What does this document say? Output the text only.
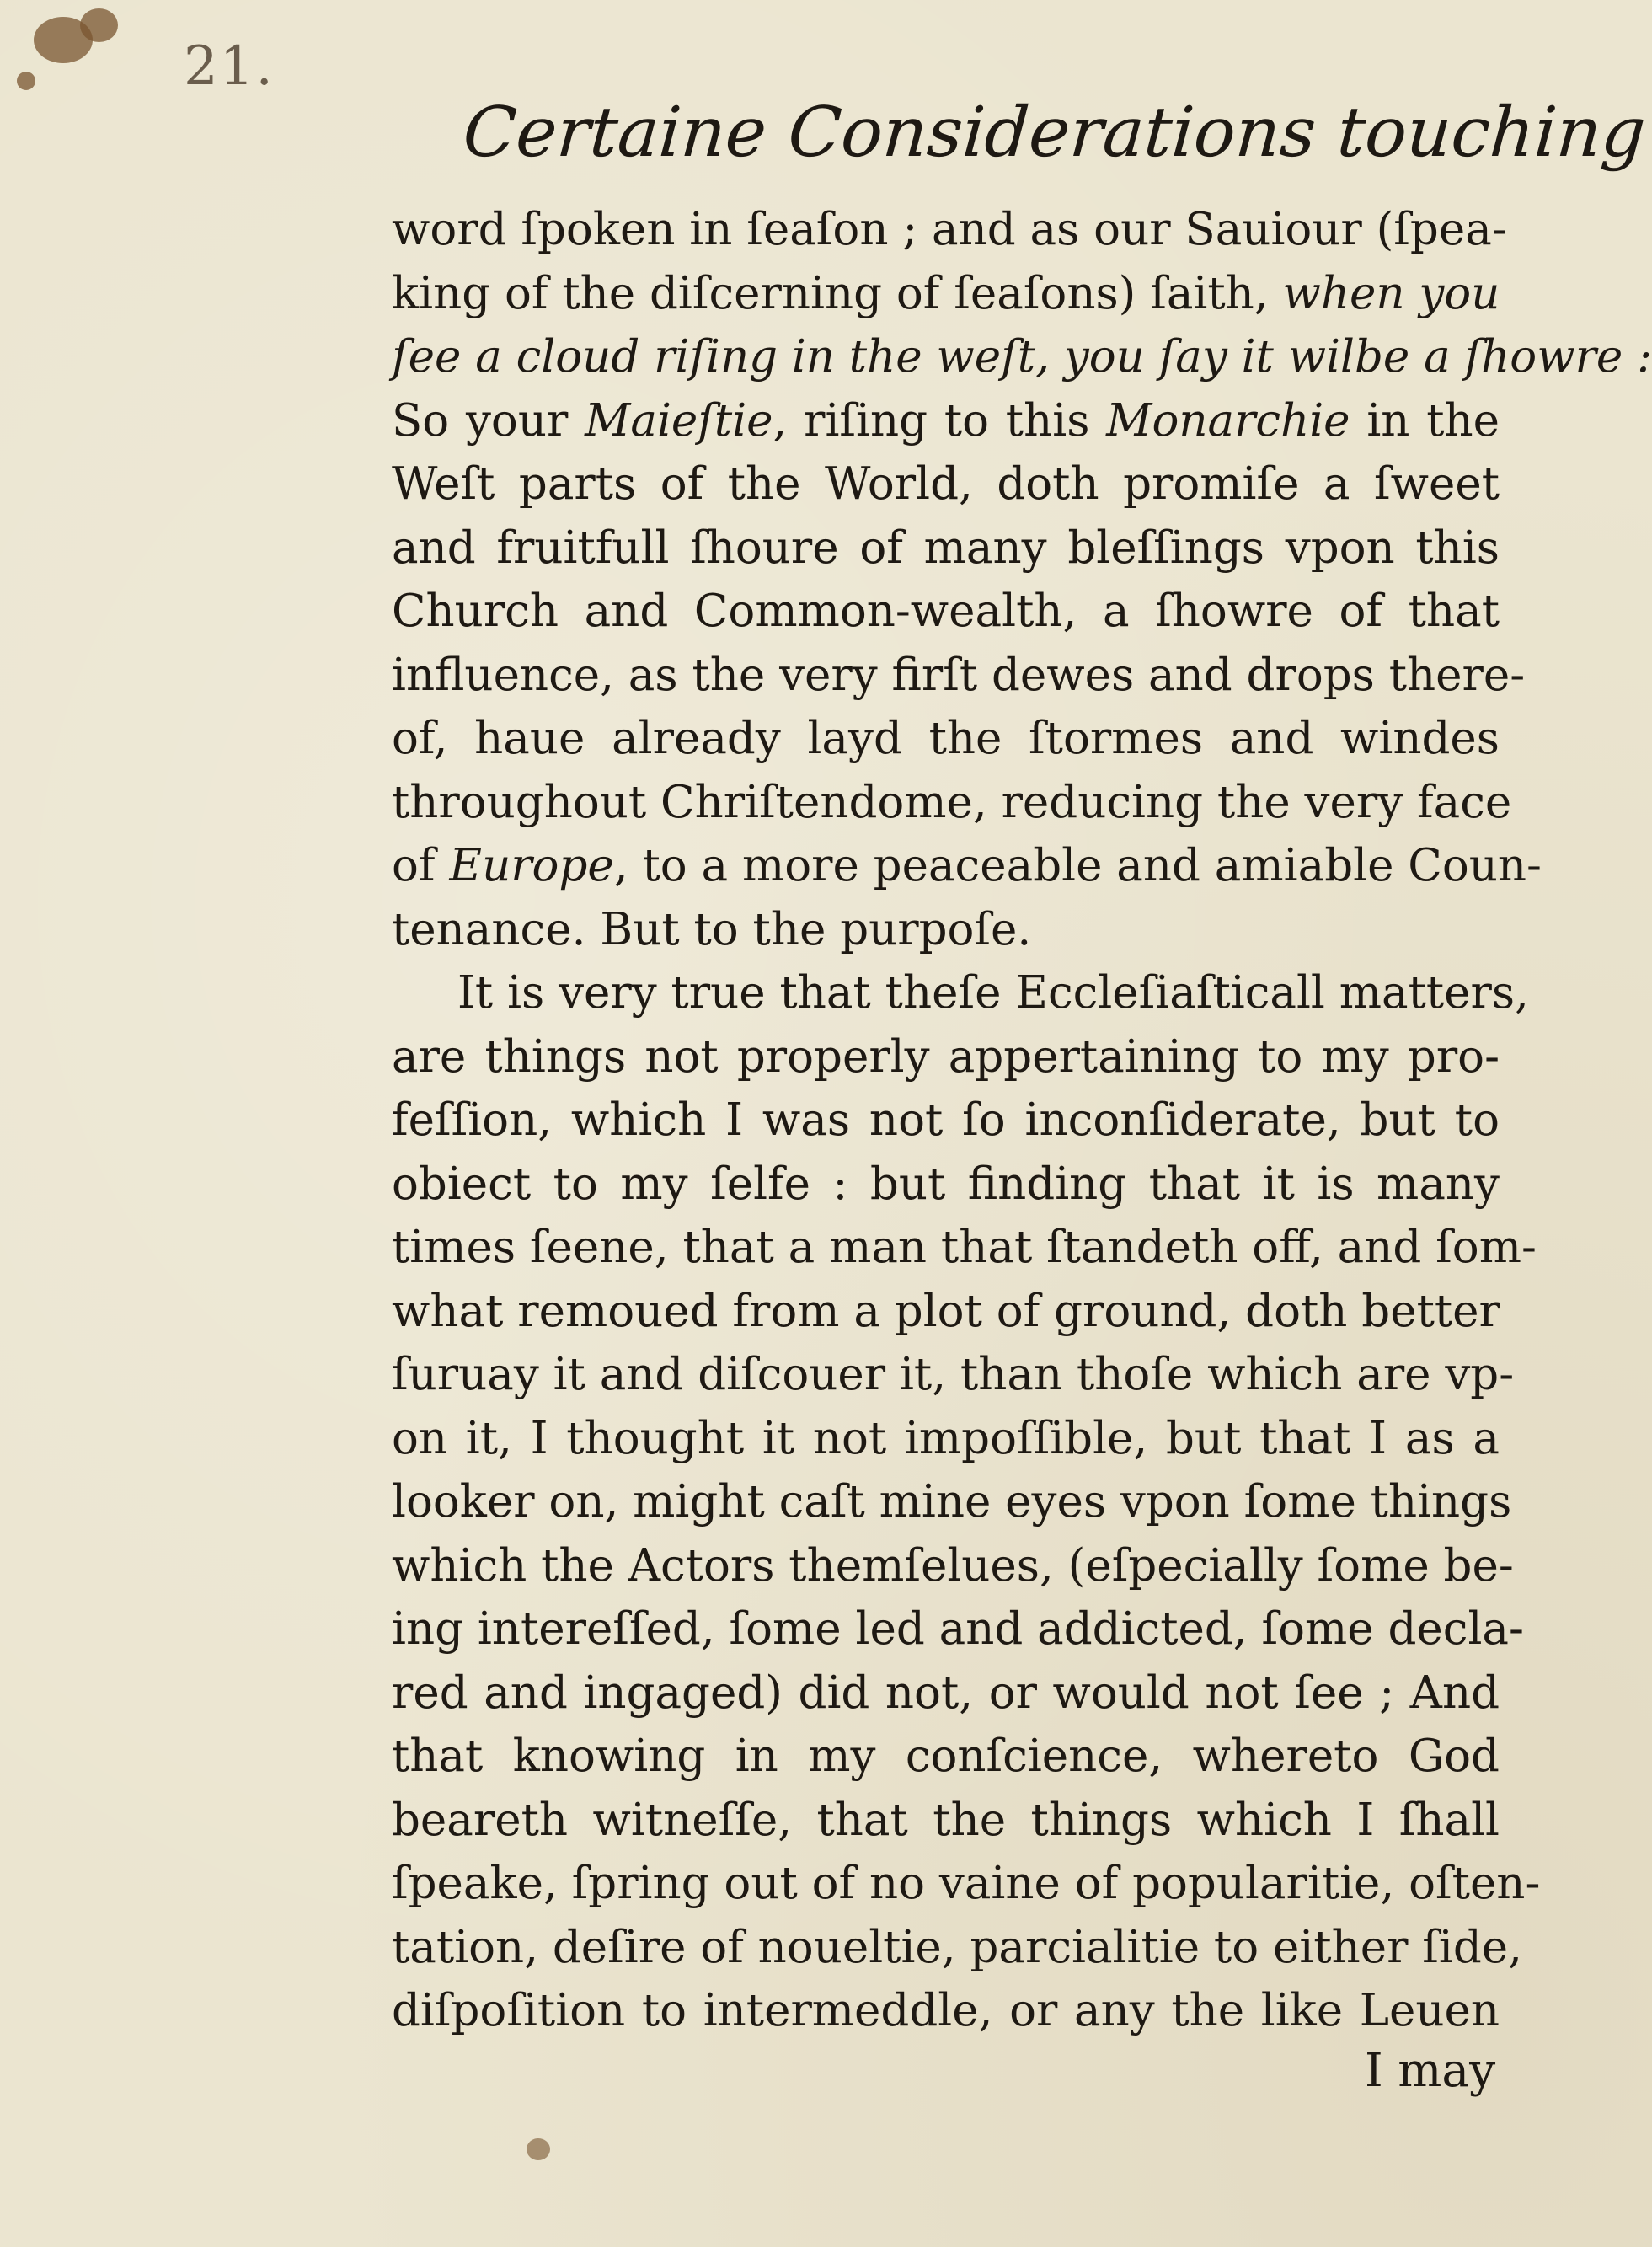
21.
Certaine Considerations touching
word ſpoken in ſeaſon ; and as our Sauiour (ſpea-
king of the diſcerning of ſeaſons) ſaith, when you
ſee a cloud riſing in the weſt, you ſay it wilbe a ſhowre :
So your Maieſtie, riſing to this Monarchie in the
Weſt parts of the World, doth promiſe a ſweet
and fruitfull ſhoure of many bleſſings vpon this
Church and Common-wealth, a ſhowre of that
influence, as the very firſt dewes and drops there-
of, haue already layd the ſtormes and windes
throughout Chriſtendome, reducing the very face
of Europe, to a more peaceable and amiable Coun-
tenance. But to the purpoſe.
It is very true that theſe Eccleſiaſticall matters,
are things not properly appertaining to my pro-
feſſion, which I was not ſo inconſiderate, but to
obiect to my ſelfe : but finding that it is many
times ſeene, that a man that ſtandeth off, and ſom-
what remoued from a plot of ground, doth better
ſuruay it and diſcouer it, than thoſe which are vp-
on it, I thought it not impoſſible, but that I as a
looker on, might caſt mine eyes vpon ſome things
which the Actors themſelues, (eſpecially ſome be-
ing intereſſed, ſome led and addicted, ſome decla-
red and ingaged) did not, or would not ſee ; And
that knowing in my conſcience, whereto God
beareth witneſſe, that the things which I ſhall
ſpeake, ſpring out of no vaine of popularitie, oſten-
tation, deſire of noueltie, parcialitie to either ſide,
diſpoſition to intermeddle, or any the like Leuen
I may
